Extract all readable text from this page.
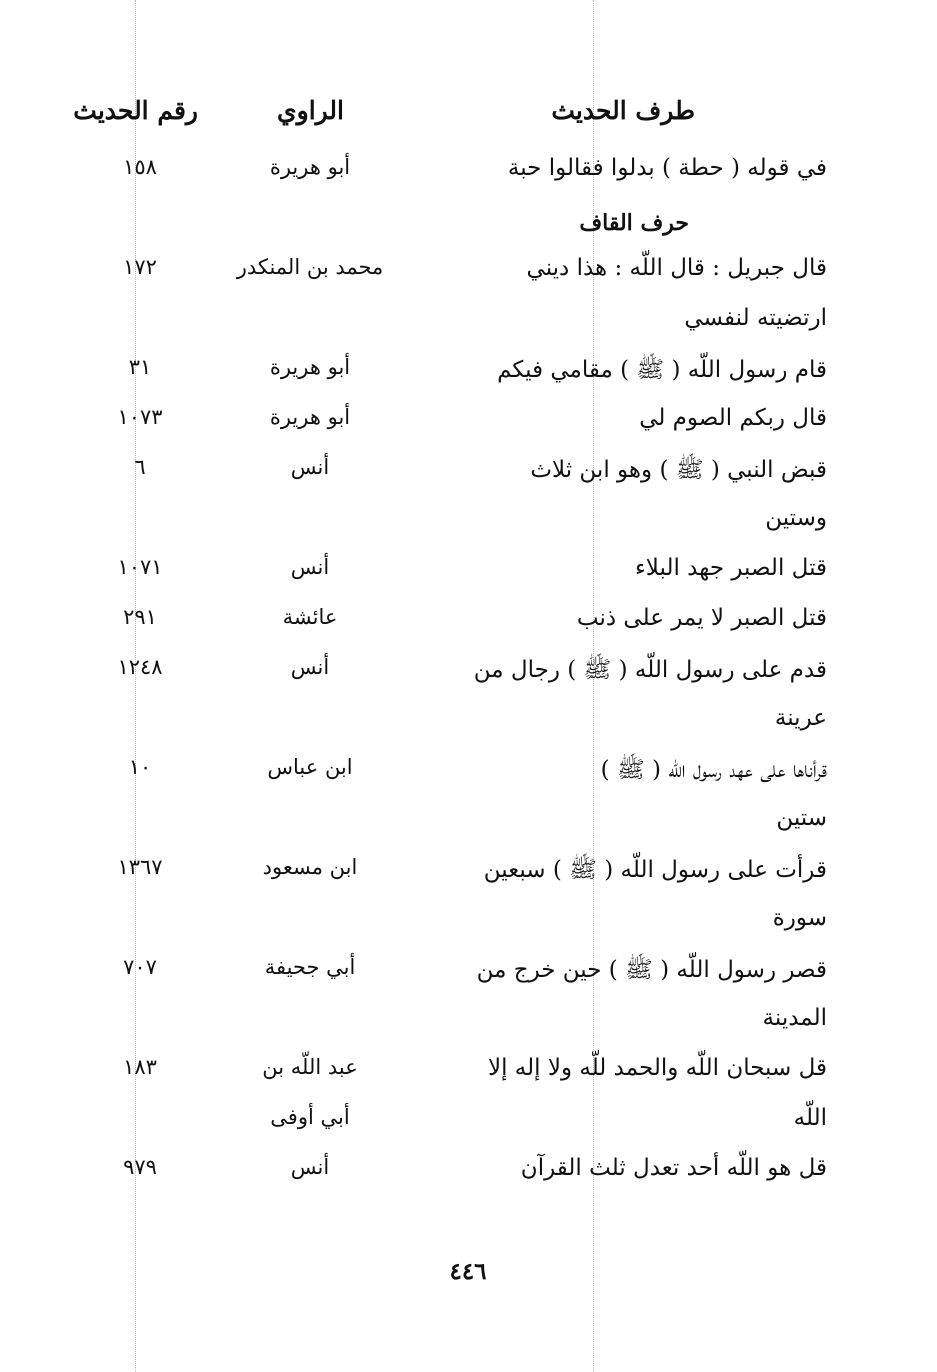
طرف الحديث
الراوي
رقم الحديث
حرف القاف
في قوله ( حطة ) بدلوا فقالوا حبة
أبو هريرة
١٥٨
قال جبريل : قال اللّه : هذا ديني
ارتضيته لنفسي
محمد بن المنكدر
١٧٢
قام رسول اللّه ( ﷺ ) مقامي فيكم
أبو هريرة
٣١
قال ربكم الصوم لي
أبو هريرة
١٠٧٣
قبض النبي ( ﷺ ) وهو ابن ثلاث
وستين
أنس
٦
قتل الصبر جهد البلاء
أنس
١٠٧١
قتل الصبر لا يمر على ذنب
عائشة
٢٩١
قدم على رسول اللّه ( ﷺ ) رجال من
عرينة
أنس
١٢٤٨
قرأناها على عهد رسول اللّه ( ﷺ )
ستين
ابن عباس
١٠
قرأت على رسول اللّه ( ﷺ ) سبعين
سورة
ابن مسعود
١٣٦٧
قصر رسول اللّه ( ﷺ ) حين خرج من
المدينة
أبي جحيفة
٧٠٧
قل سبحان اللّه والحمد للّه ولا إله إلا
اللّه
عبد اللّه بن
أبي أوفى
١٨٣
قل هو اللّه أحد تعدل ثلث القرآن
أنس
٩٧٩
٤٤٦
